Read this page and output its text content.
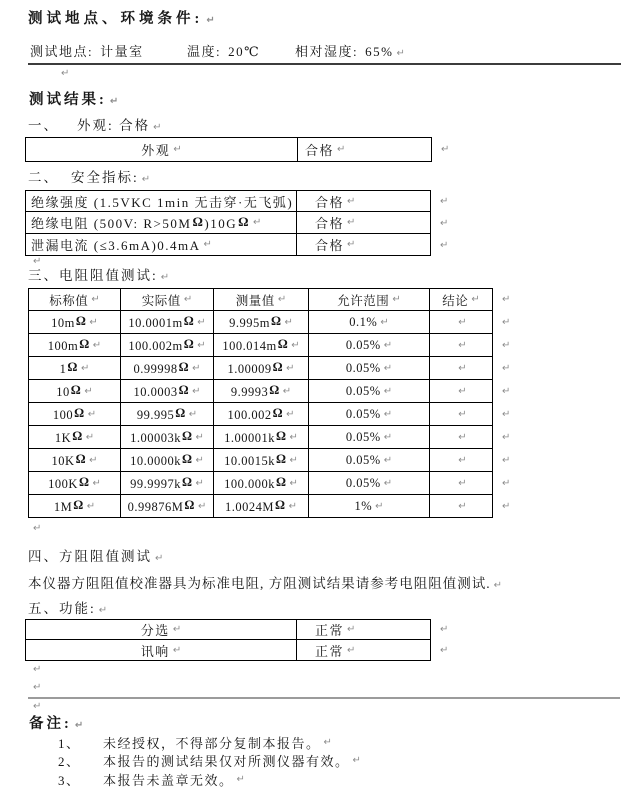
测试地点、环境条件: ↵
测试地点: 计量室	温度: 20℃	相对湿度: 65% ↵
↵
测试结果: ↵
一、 外观: 合格 ↵
外观 ↵	合格
↵
↵
二、 安全指标: ↵
绝缘强度 (1.5VKC 1min 无击穿·无飞弧) 合格
↵
↵
绝缘电阻 (500V: R>50MΩ)10GΩ ↵	合格
↵
↵
泄漏电流 (≤3.6mA)0.4mA ↵	合格
↵
↵
↵
三、电阻阻值测试: ↵
标称值 ↵	实际值 ↵	测量值 ↵	允许范围 ↵	结论
↵
↵
10mΩ ↵	10.0001mΩ ↵	9.995mΩ ↵	0.1%
↵
↵
↵
100mΩ ↵	100.002mΩ ↵ 100.014mΩ ↵	0.05%
↵
↵
↵
1Ω ↵	0.99998Ω ↵	1.00009Ω ↵	0.05%
↵
↵
↵
10Ω ↵	10.0003Ω ↵	9.9993Ω ↵	0.05%
↵
↵
↵
100Ω ↵	99.995Ω ↵	100.002Ω ↵	0.05%
↵
↵
↵
1KΩ ↵	1.00003kΩ ↵	1.00001kΩ ↵	0.05%
↵
↵
↵
10KΩ ↵	10.0000kΩ ↵	10.0015kΩ ↵	0.05%
↵
↵
↵
100KΩ ↵	99.9997kΩ ↵	100.000kΩ ↵	0.05%
↵
↵
↵
1MΩ ↵	0.99876MΩ ↵ 1.0024MΩ ↵	1%
↵
↵
↵
↵
四、方阻阻值测试 ↵
本仪器方阻阻值校准器具为标准电阻, 方阻测试结果请参考电阻阻值测试. ↵
五、功能: ↵
分选 ↵	正常
↵
↵
讯响 ↵	正常
↵
↵
↵
↵
↵
备注: ↵
1、	未经授权，不得部分复制本报告。
↵
2、	本报告的测试结果仅对所测仪器有效。
↵
3、	本报告未盖章无效。
↵
